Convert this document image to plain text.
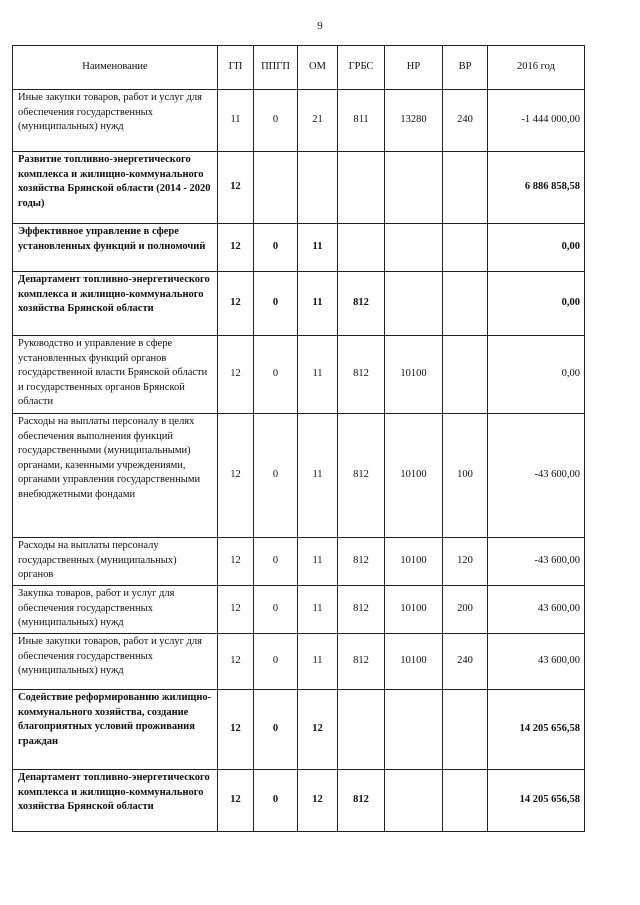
9
Наименование	ГП	ППГП	ОМ	ГРБС	НР	ВР	2016 год
Иные закупки товаров, работ и услуг для обеспечения государственных (муниципальных) нужд	11	0	21	811	13280	240	-1 444 000,00
Развитие топливно-энергетического комплекса и жилищно-коммунального хозяйства Брянской области (2014 - 2020 годы)	12						6 886 858,58
Эффективное управление в сфере установленных функций и полномочий	12	0	11				0,00
Департамент топливно-энергетического комплекса и жилищно-коммунального хозяйства Брянской области	12	0	11	812			0,00
Руководство и управление в сфере установленных функций органов государственной власти Брянской области и государственных органов Брянской области	12	0	11	812	10100		0,00
Расходы на выплаты персоналу в целях обеспечения выполнения функций государственными (муниципальными) органами, казенными учреждениями, органами управления государственными внебюджетными фондами	12	0	11	812	10100	100	-43 600,00
Расходы на выплаты персоналу государственных (муниципальных) органов	12	0	11	812	10100	120	-43 600,00
Закупка товаров, работ и услуг для обеспечения государственных (муниципальных) нужд	12	0	11	812	10100	200	43 600,00
Иные закупки товаров, работ и услуг для обеспечения государственных (муниципальных) нужд	12	0	11	812	10100	240	43 600,00
Содействие реформированию жилищно-коммунального хозяйства, создание благоприятных условий проживания граждан	12	0	12				14 205 656,58
Департамент топливно-энергетического комплекса и жилищно-коммунального хозяйства Брянской области	12	0	12	812			14 205 656,58
